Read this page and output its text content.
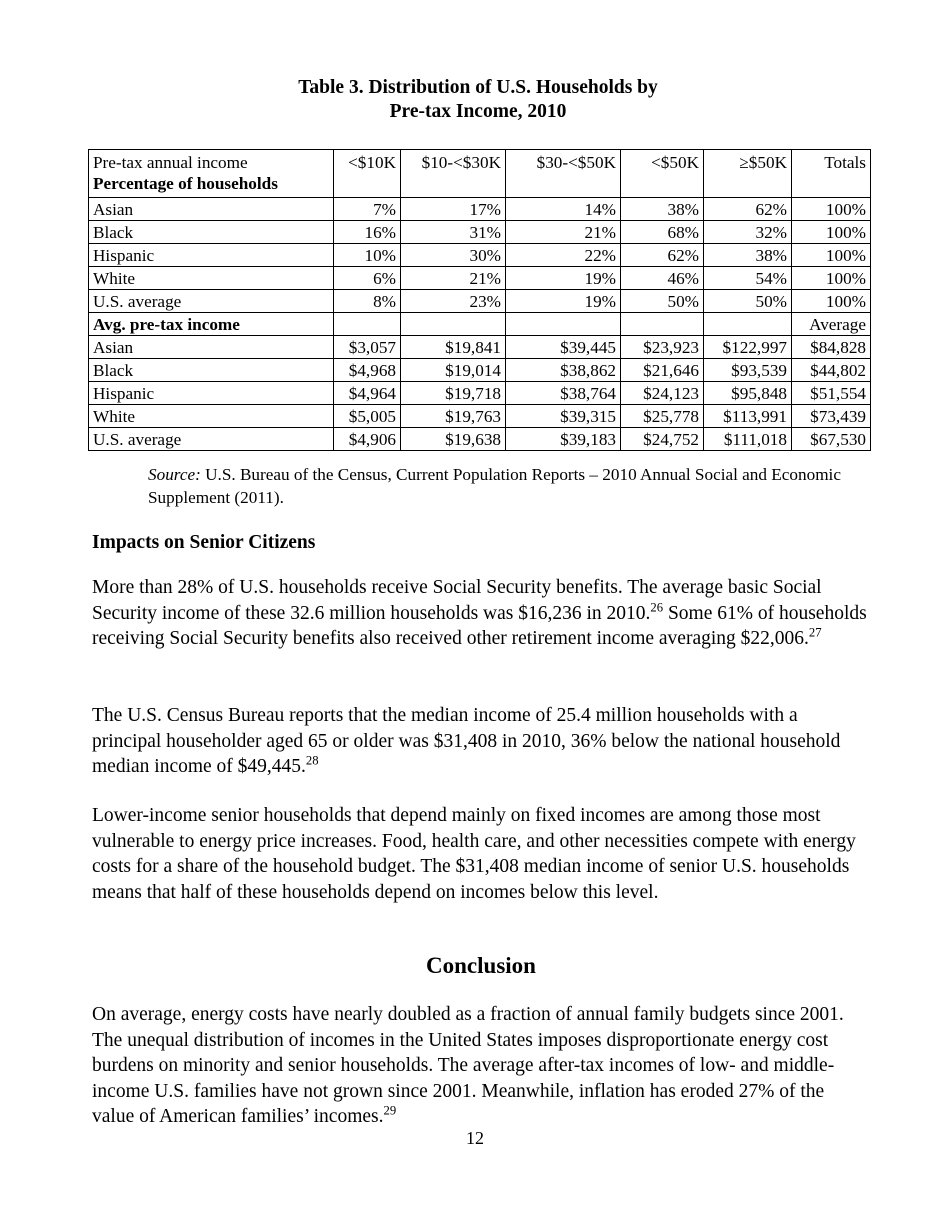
Table 3. Distribution of U.S. Households by
Pre-tax Income, 2010
Pre-tax annual income
Percentage of households	<$10K	$10-<$30K	$30-<$50K	<$50K	≥$50K	Totals
Asian	7%	17%	14%	38%	62%	100%
Black	16%	31%	21%	68%	32%	100%
Hispanic	10%	30%	22%	62%	38%	100%
White	6%	21%	19%	46%	54%	100%
U.S. average	8%	23%	19%	50%	50%	100%
Avg. pre-tax income						Average
Asian	$3,057	$19,841	$39,445	$23,923	$122,997	$84,828
Black	$4,968	$19,014	$38,862	$21,646	$93,539	$44,802
Hispanic	$4,964	$19,718	$38,764	$24,123	$95,848	$51,554
White	$5,005	$19,763	$39,315	$25,778	$113,991	$73,439
U.S. average	$4,906	$19,638	$39,183	$24,752	$111,018	$67,530
Source: U.S. Bureau of the Census, Current Population Reports – 2010 Annual Social and Economic Supplement (2011).
Impacts on Senior Citizens

More than 28% of U.S. households receive Social Security benefits. The average basic Social Security income of these 32.6 million households was $16,236 in 2010.26 Some 61% of households receiving Social Security benefits also received other retirement income averaging $22,006.27

The U.S. Census Bureau reports that the median income of 25.4 million households with a principal householder aged 65 or older was $31,408 in 2010, 36% below the national household median income of $49,445.28

Lower-income senior households that depend mainly on fixed incomes are among those most vulnerable to energy price increases. Food, health care, and other necessities compete with energy costs for a share of the household budget. The $31,408 median income of senior U.S. households means that half of these households depend on incomes below this level.

Conclusion

On average, energy costs have nearly doubled as a fraction of annual family budgets since 2001. The unequal distribution of incomes in the United States imposes disproportionate energy cost burdens on minority and senior households. The average after-tax incomes of low- and middle-income U.S. families have not grown since 2001. Meanwhile, inflation has eroded 27% of the value of American families’ incomes.$^{29}$

12
